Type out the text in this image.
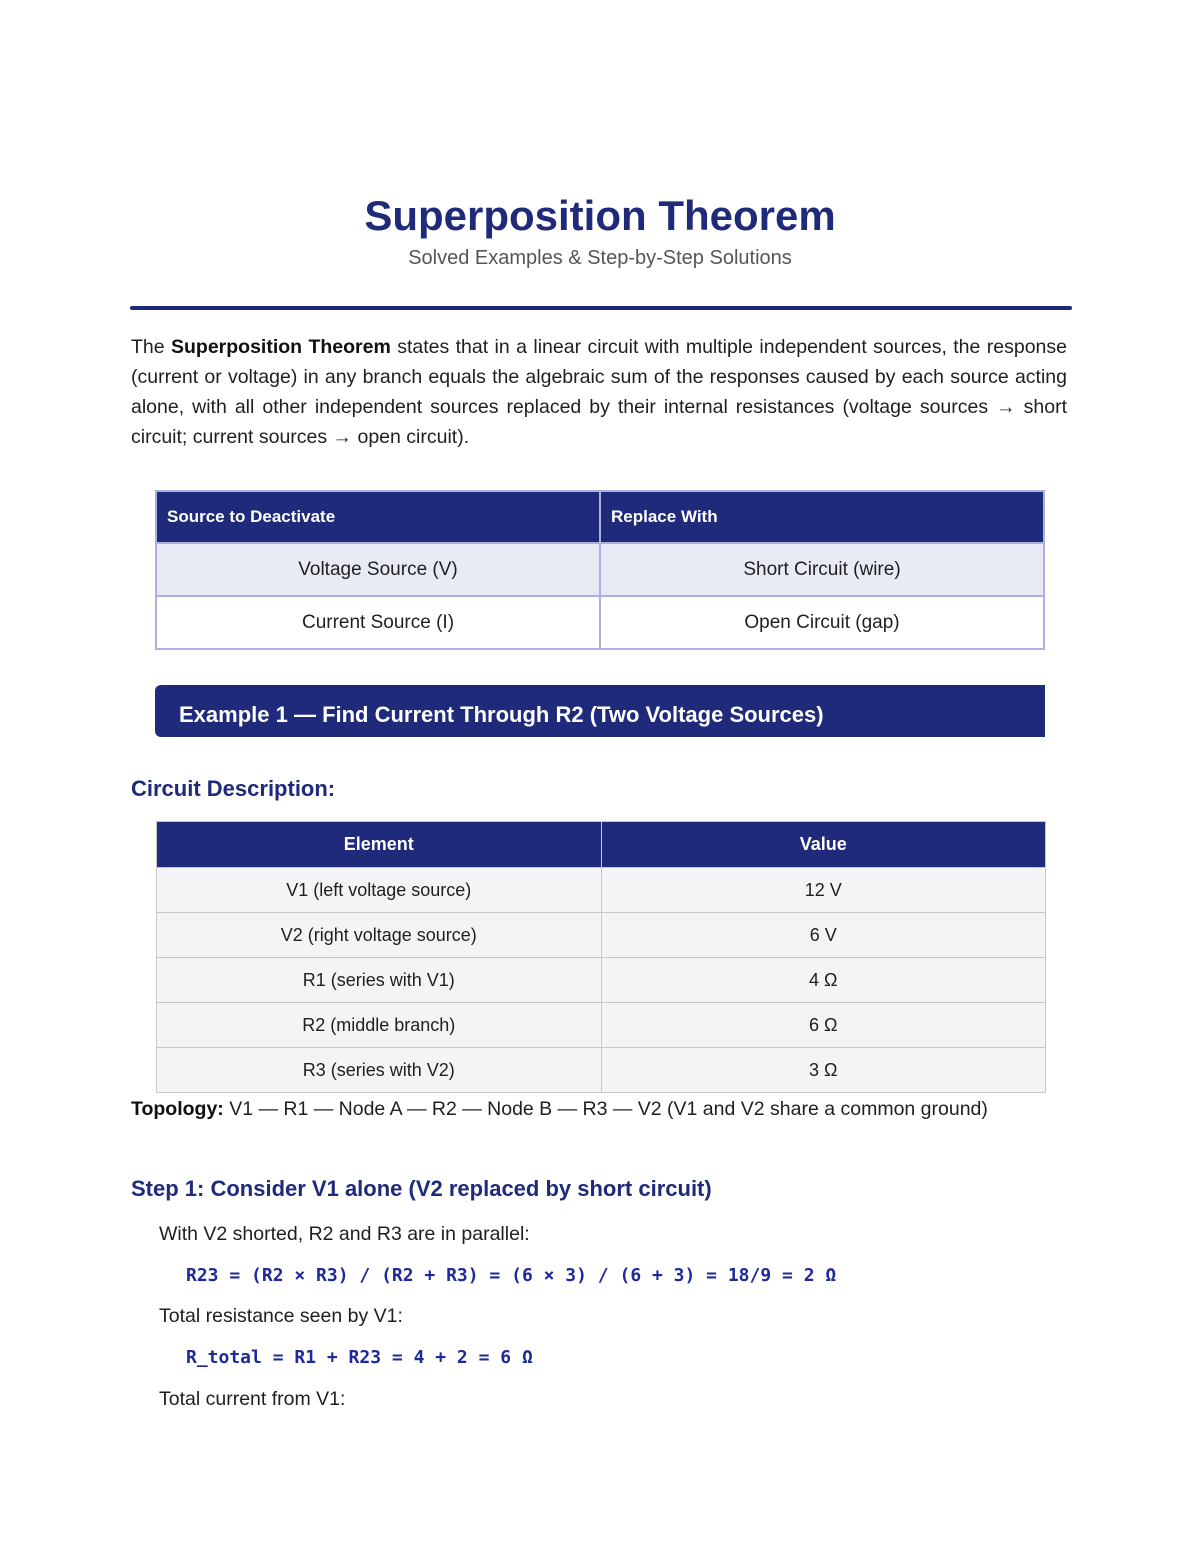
Superposition Theorem
Solved Examples & Step-by-Step Solutions

The Superposition Theorem states that in a linear circuit with multiple independent sources, the response (current or voltage) in any branch equals the algebraic sum of the responses caused by each source acting alone, with all other independent sources replaced by their internal resistances (voltage sources → short circuit; current sources → open circuit).

Source to Deactivate	Replace With
Voltage Source (V)	Short Circuit (wire)
Current Source (I)	Open Circuit (gap)
Example 1 — Find Current Through R2 (Two Voltage Sources)
Circuit Description:
Element	Value
V1 (left voltage source)	12 V
V2 (right voltage source)	6 V
R1 (series with V1)	4 Ω
R2 (middle branch)	6 Ω
R3 (series with V2)	3 Ω
Topology: V1 — R1 — Node A — R2 — Node B — R3 — V2 (V1 and V2 share a common ground)
Step 1: Consider V1 alone (V2 replaced by short circuit)
With V2 shorted, R2 and R3 are in parallel:
R23 = (R2 × R3) / (R2 + R3) = (6 × 3) / (6 + 3) = 18/9 = 2 Ω
Total resistance seen by V1:
R_total = R1 + R23 = 4 + 2 = 6 Ω
Total current from V1:
